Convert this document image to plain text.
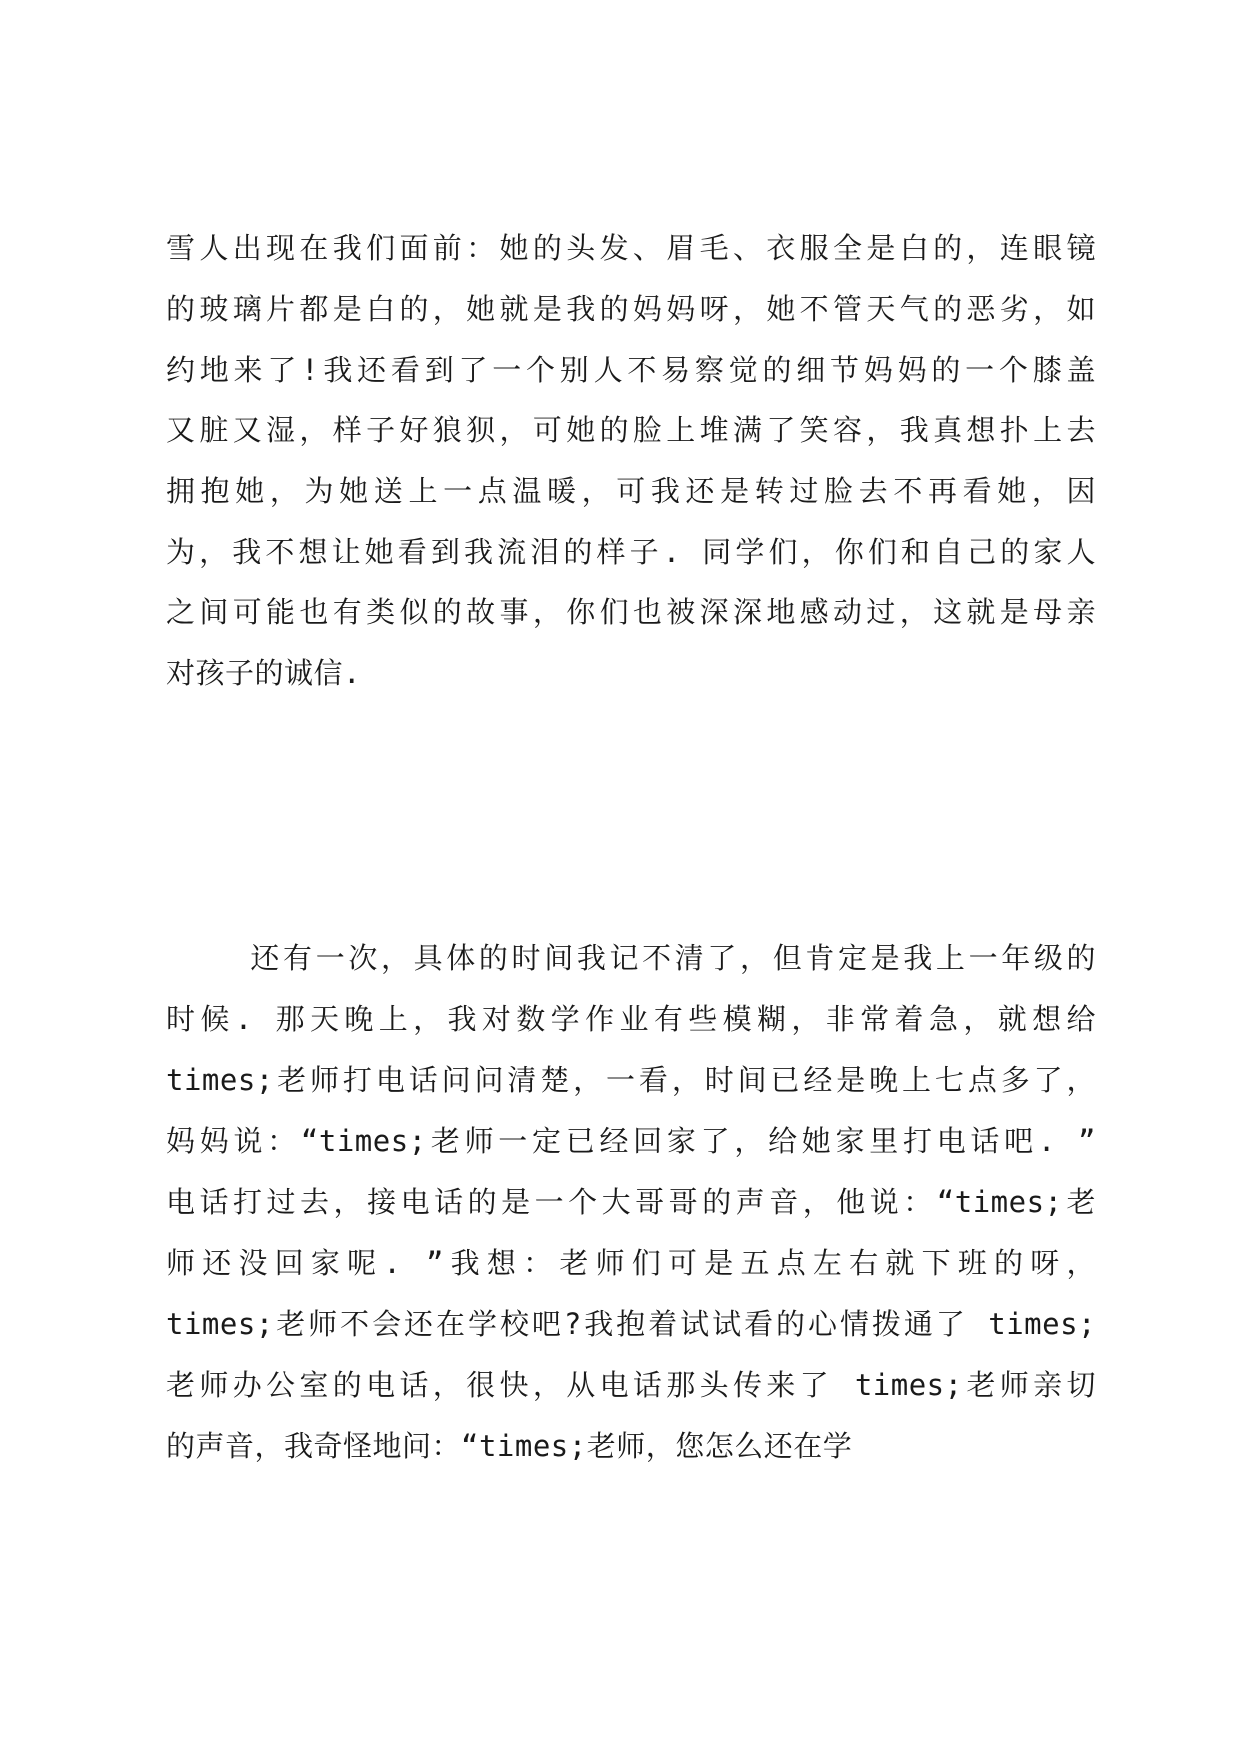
雪人出现在我们面前：她的头发、眉毛、衣服全是白的，连眼镜
的玻璃片都是白的，她就是我的妈妈呀，她不管天气的恶劣，如
约地来了!我还看到了一个别人不易察觉的细节妈妈的一个膝盖
又脏又湿，样子好狼狈，可她的脸上堆满了笑容，我真想扑上去
拥抱她，为她送上一点温暖，可我还是转过脸去不再看她，因
为，我不想让她看到我流泪的样子. 同学们，你们和自己的家人
之间可能也有类似的故事，你们也被深深地感动过，这就是母亲
对孩子的诚信.
还有一次，具体的时间我记不清了，但肯定是我上一年级的
时候. 那天晚上，我对数学作业有些模糊，非常着急，就想给
times;老师打电话问问清楚，一看，时间已经是晚上七点多了，
妈妈说：“times;老师一定已经回家了，给她家里打电话吧. ”
电话打过去，接电话的是一个大哥哥的声音，他说：“times;老
师还没回家呢. ”我想：老师们可是五点左右就下班的呀，
times;老师不会还在学校吧?我抱着试试看的心情拨通了 times;
老师办公室的电话，很快，从电话那头传来了 times;老师亲切
的声音，我奇怪地问：“times;老师，您怎么还在学
